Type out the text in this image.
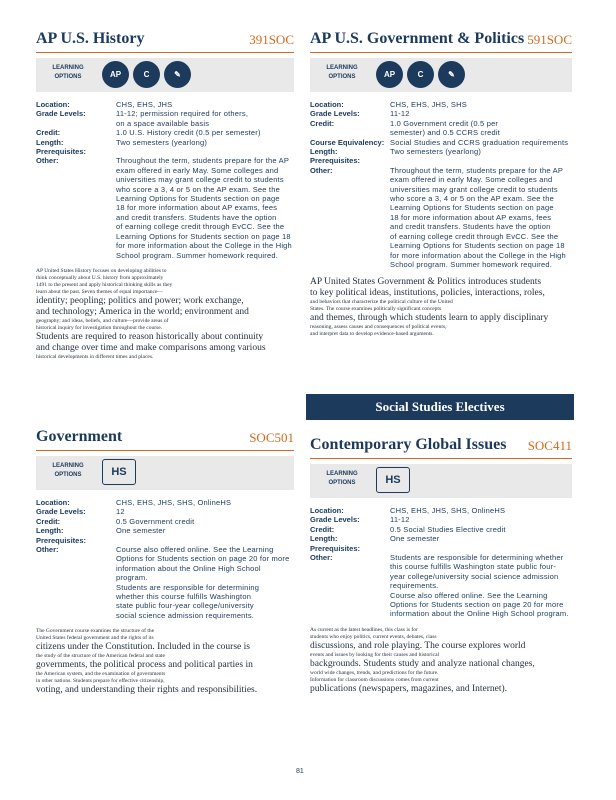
AP U.S. History	391SOC
LEARNING
OPTIONS	AP	C	✎
Location:	CHS, EHS, JHS
Grade Levels:	11-12; permission required for others,
on a space available basis
Credit:	1.0 U.S. History credit (0.5 per semester)
Length:	Two semesters (yearlong)
Prerequisites:
Other:	Throughout the term, students prepare for the AP
exam offered in early May. Some colleges and
universities may grant college credit to students
who score a 3, 4 or 5 on the AP exam. See the
Learning Options for Students section on page
18 for more information about AP exams, fees
and credit transfers. Students have the option
of earning college credit through EvCC. See the
Learning Options for Students section on page 18
for more information about the College in the High
School program. Summer homework required.
AP United States History focuses on developing abilities to
think conceptually about U.S. history from approximately
1491 to the present and apply historical thinking skills as they
learn about the past. Seven themes of equal importance—
identity; peopling; politics and power; work exchange,
and technology; America in the world; environment and
geography; and ideas, beliefs, and culture—provide areas of
historical inquiry for investigation throughout the course.
Students are required to reason historically about continuity
and change over time and make comparisons among various
historical developments in different times and places.
AP U.S. Government & Politics 591SOC
LEARNING
OPTIONS	AP	C	✎
Location:	CHS, EHS, JHS, SHS
Grade Levels:	11-12
Credit:	1.0 Government credit (0.5 per
semester) and 0.5 CCRS credit
Course Equivalency: Social Studies and CCRS graduation requirements
Length:	Two semesters (yearlong)
Prerequisites:
Other:	Throughout the term, students prepare for the AP
exam offered in early May. Some colleges and
universities may grant college credit to students
who score a 3, 4 or 5 on the AP exam. See the
Learning Options for Students section on page
18 for more information about AP exams, fees
and credit transfers. Students have the option
of earning college credit through EvCC. See the
Learning Options for Students section on page 18
for more information about the College in the High
School program. Summer homework required.
AP United States Government & Politics introduces students
to key political ideas, institutions, policies, interactions, roles,
and behaviors that characterize the political culture of the United
States. The course examines politically significant concepts
and themes, through which students learn to apply disciplinary
reasoning, assess causes and consequences of political events,
and interpret data to develop evidence-based arguments.
Social Studies Electives
Government	SOC501
LEARNING
OPTIONS	HS
Location:	CHS, EHS, JHS, SHS, OnlineHS
Grade Levels:	12
Credit:	0.5 Government credit
Length:	One semester
Prerequisites:
Other:	Course also offered online. See the Learning
Options for Students section on page 20 for more
information about the Online High School program.
Students are responsible for determining
whether this course fulfills Washington
state public four-year college/university
social science admission requirements.
The Government course examines the structure of the
United States federal government and the rights of its
citizens under the Constitution. Included in the course is
the study of the structure of the American federal and state
governments, the political process and political parties in
the American system, and the examination of governments
in other nations. Students prepare for effective citizenship,
voting, and understanding their rights and responsibilities.
Contemporary Global Issues SOC411
LEARNING
OPTIONS	HS
Location:	CHS, EHS, JHS, SHS, OnlineHS
Grade Levels:	11-12
Credit:	0.5 Social Studies Elective credit
Length:	One semester
Prerequisites:
Other:	Students are responsible for determining whether
this course fulfills Washington state public four-
year college/university social science admission
requirements.
Course also offered online. See the Learning
Options for Students section on page 20 for more
information about the Online High School program.
As current as the latest headlines, this class is for
students who enjoy politics, current events, debates, class
discussions, and role playing. The course explores world
events and issues by looking for their causes and historical
backgrounds. Students study and analyze national changes,
world wide changes, trends, and predictions for the future.
Information for classroom discussions comes from current
publications (newspapers, magazines, and Internet).
81
